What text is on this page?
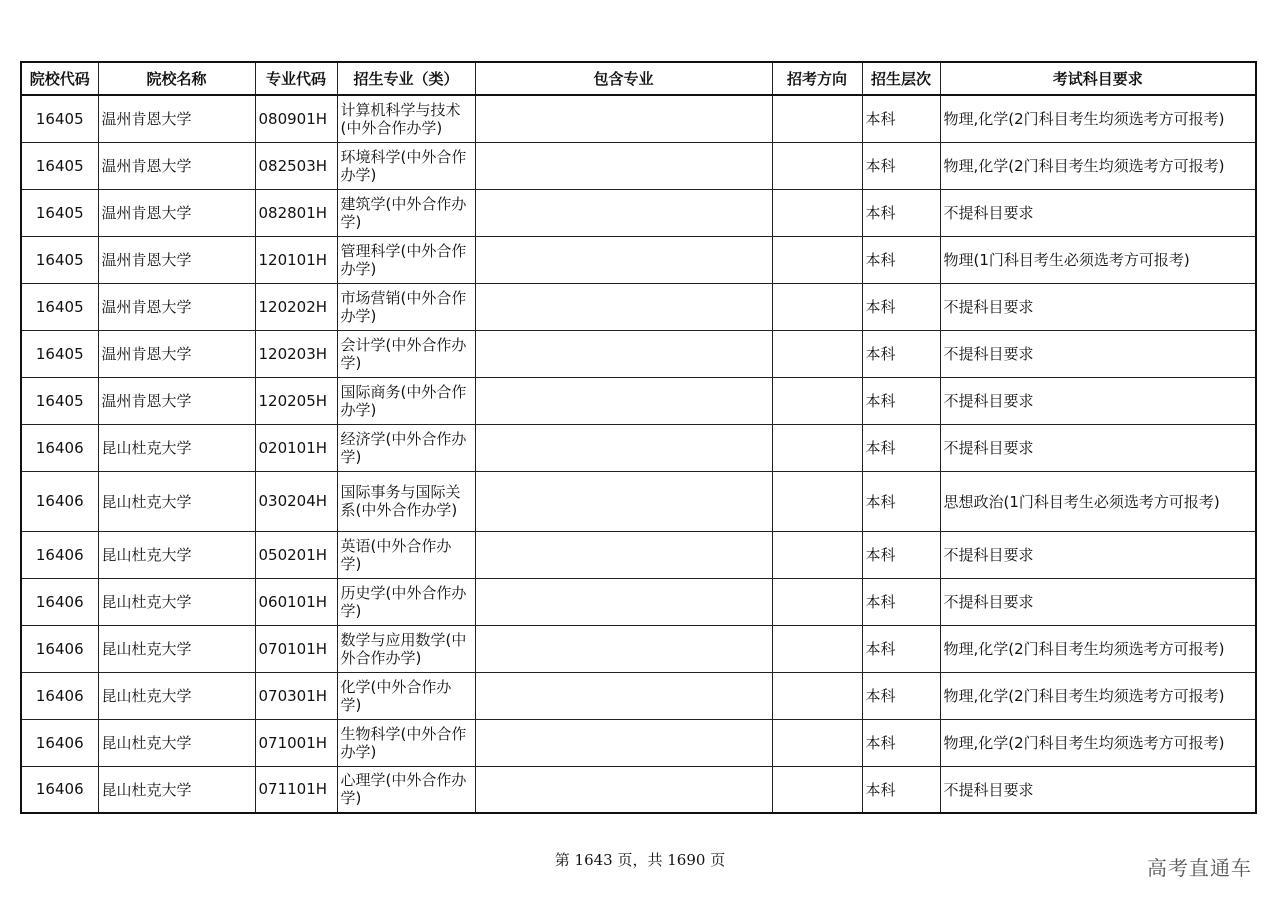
院校代码	院校名称	专业代码	招生专业（类）	包含专业	招考方向	招生层次	考试科目要求
16405	温州肯恩大学	080901H	计算机科学与技术(中外合作办学)			本科	物理,化学(2门科目考生均须选考方可报考)
16405	温州肯恩大学	082503H	环境科学(中外合作办学)			本科	物理,化学(2门科目考生均须选考方可报考)
16405	温州肯恩大学	082801H	建筑学(中外合作办学)			本科	不提科目要求
16405	温州肯恩大学	120101H	管理科学(中外合作办学)			本科	物理(1门科目考生必须选考方可报考)
16405	温州肯恩大学	120202H	市场营销(中外合作办学)			本科	不提科目要求
16405	温州肯恩大学	120203H	会计学(中外合作办学)			本科	不提科目要求
16405	温州肯恩大学	120205H	国际商务(中外合作办学)			本科	不提科目要求
16406	昆山杜克大学	020101H	经济学(中外合作办学)			本科	不提科目要求
16406	昆山杜克大学	030204H	国际事务与国际关系(中外合作办学)			本科	思想政治(1门科目考生必须选考方可报考)
16406	昆山杜克大学	050201H	英语(中外合作办学)			本科	不提科目要求
16406	昆山杜克大学	060101H	历史学(中外合作办学)			本科	不提科目要求
16406	昆山杜克大学	070101H	数学与应用数学(中外合作办学)			本科	物理,化学(2门科目考生均须选考方可报考)
16406	昆山杜克大学	070301H	化学(中外合作办学)			本科	物理,化学(2门科目考生均须选考方可报考)
16406	昆山杜克大学	071001H	生物科学(中外合作办学)			本科	物理,化学(2门科目考生均须选考方可报考)
16406	昆山杜克大学	071101H	心理学(中外合作办学)			本科	不提科目要求
第 1643 页，共 1690 页	高考直通车
